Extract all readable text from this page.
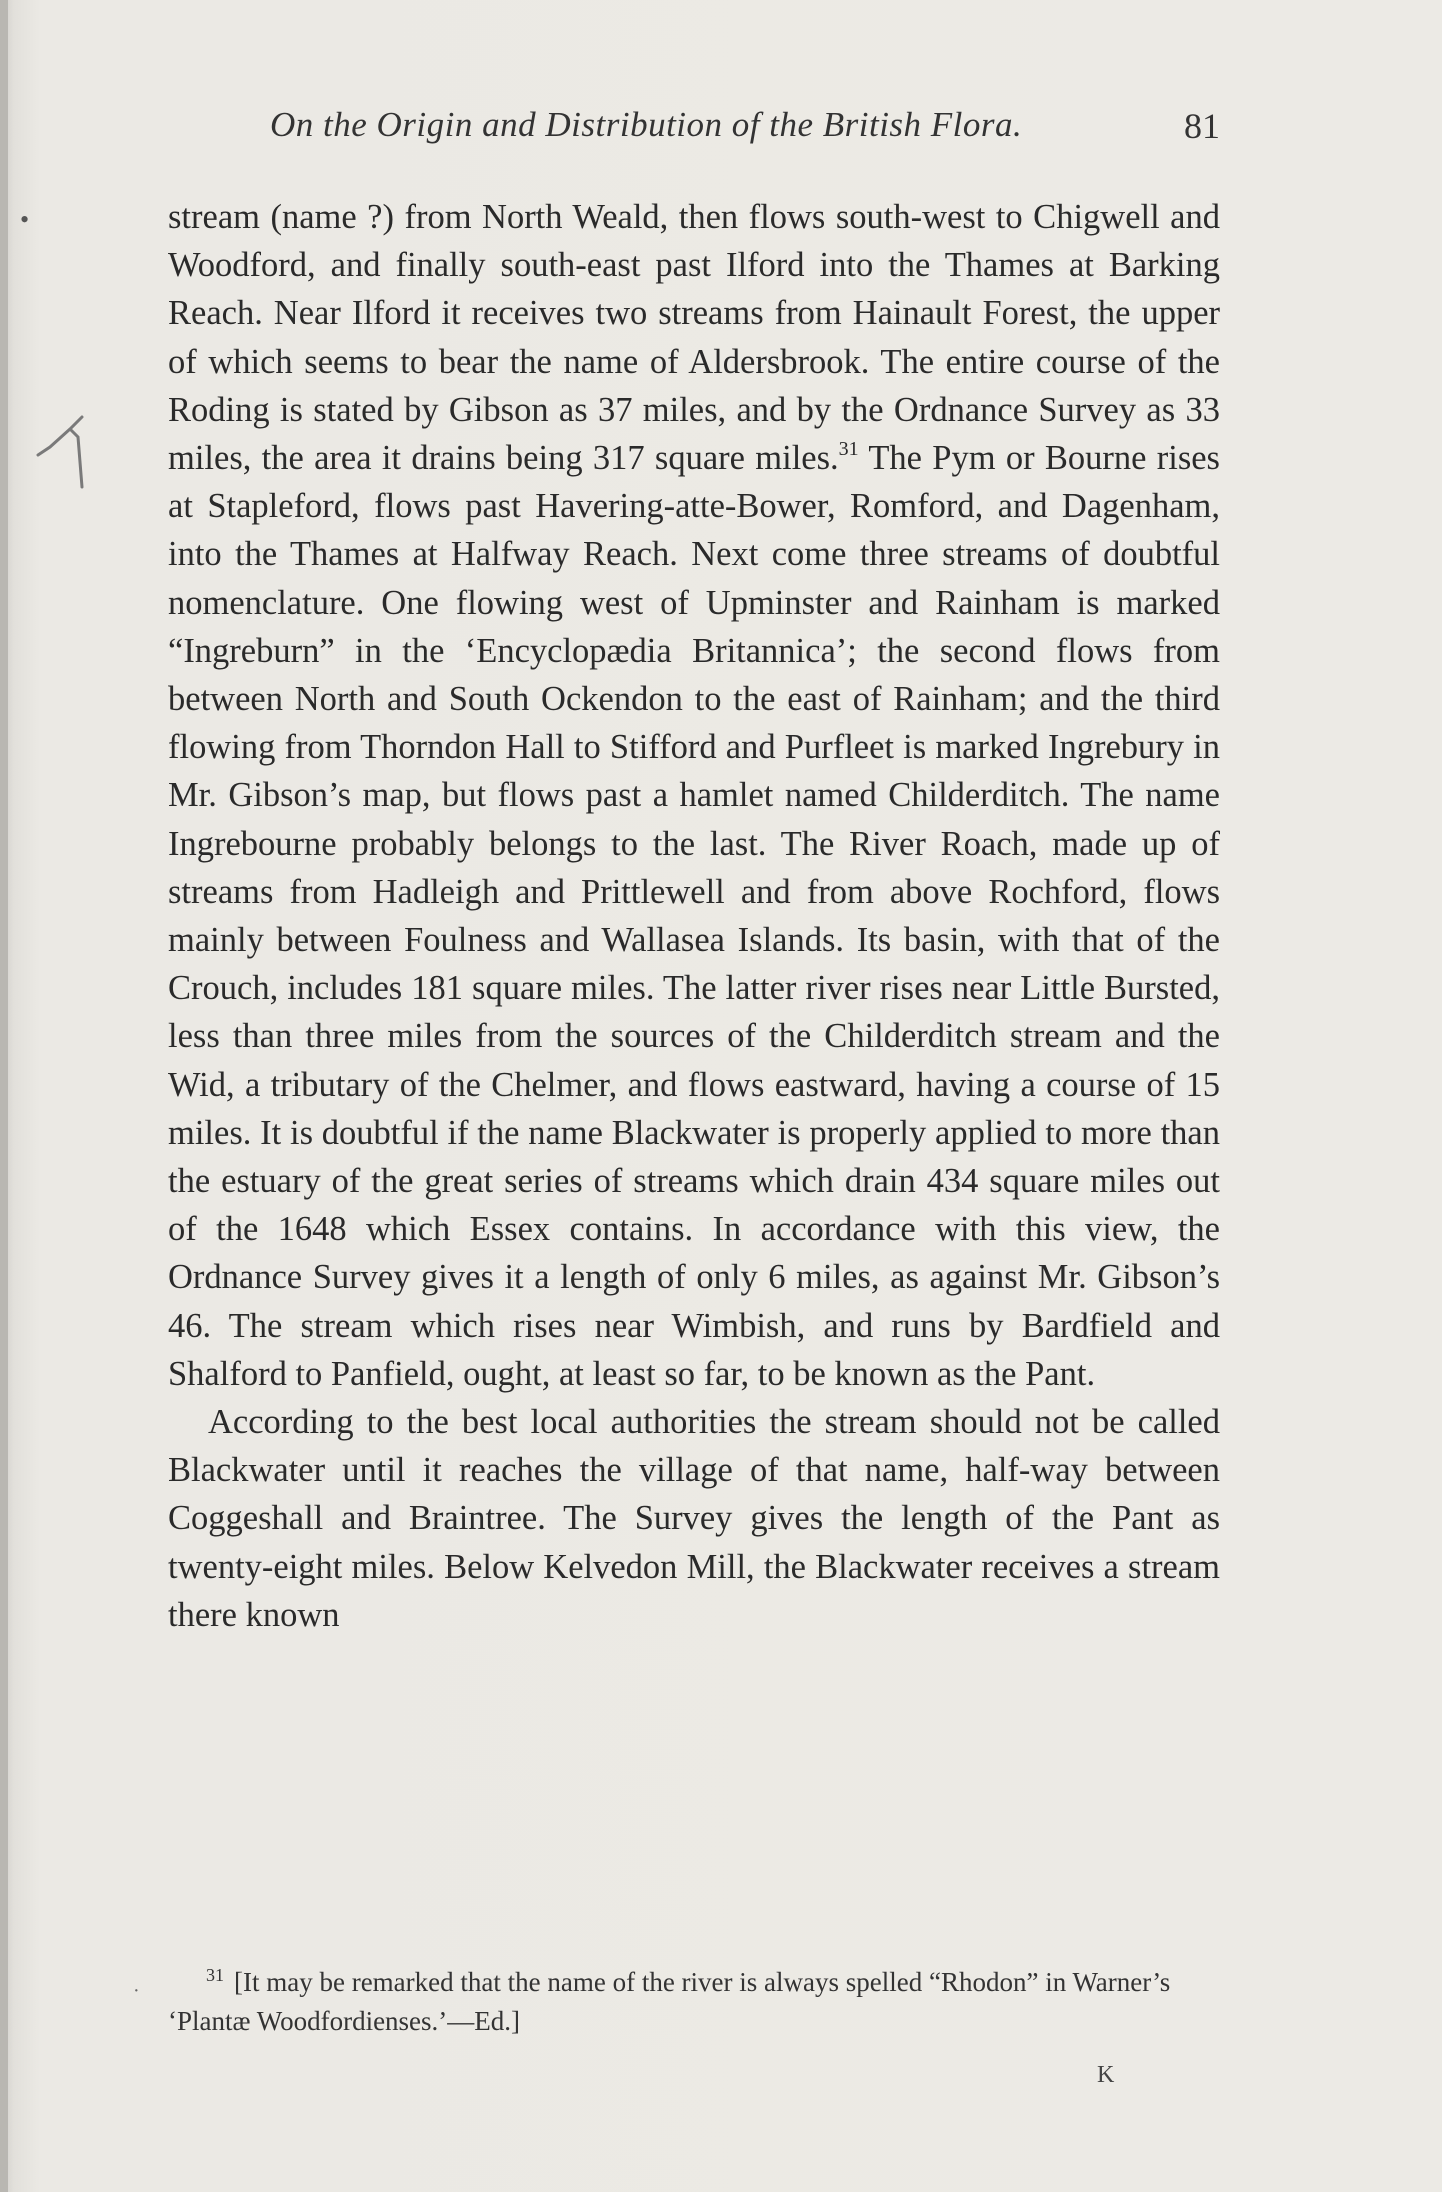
On the Origin and Distribution of the British Flora.	81
•	stream (name ?) from North Weald, then flows south-west to Chigwell and Woodford, and finally south-east past Ilford into the Thames at Barking Reach. Near Ilford it receives two streams from Hainault Forest, the upper of which seems to bear the name of Aldersbrook. The entire course of the Roding is stated by Gibson as 37 miles, and by the Ordnance Survey as 33 miles, the area it drains being 317 square miles.$^{31}$ The Pym or Bourne rises at Stapleford, flows past Havering-atte-Bower, Romford, and Dagenham, into the Thames at Halfway Reach. Next come three streams of doubtful nomenclature. One flowing west of Upminster and Rainham is marked “Ingreburn” in the ‘Encyclopædia Britannica’; the second flows from between North and South Ockendon to the east of Rainham; and the third flowing from Thorndon Hall to Stifford and Purfleet is marked Ingrebury in Mr. Gibson’s map, but flows past a hamlet named Childerditch. The name Ingrebourne probably belongs to the last. The River Roach, made up of streams from Hadleigh and Prittlewell and from above Rochford, flows mainly between Foulness and Wallasea Islands. Its basin, with that of the Crouch, includes 181 square miles. The latter river rises near Little Bursted, less than three miles from the sources of the Childerditch stream and the Wid, a tributary of the Chelmer, and flows eastward, having a course of 15 miles. It is doubtful if the name Blackwater is properly applied to more than the estuary of the great series of streams which drain 434 square miles out of the 1648 which Essex contains. In accordance with this view, the Ordnance Survey gives it a length of only 6 miles, as against Mr. Gibson’s 46. The stream which rises near Wimbish, and runs by Bardfield and Shalford to Panfield, ought, at least so far, to be known as the Pant.

According to the best local authorities the stream should not be called Blackwater until it reaches the village of that name, half-way between Coggeshall and Braintree. The Survey gives the length of the Pant as twenty-eight miles. Below Kelvedon Mill, the Blackwater receives a stream there known

·
$^{31}$ [It may be remarked that the name of the river is always spelled “Rhodon” in Warner’s ‘Plantæ Woodfordienses.’—Ed.]
K
